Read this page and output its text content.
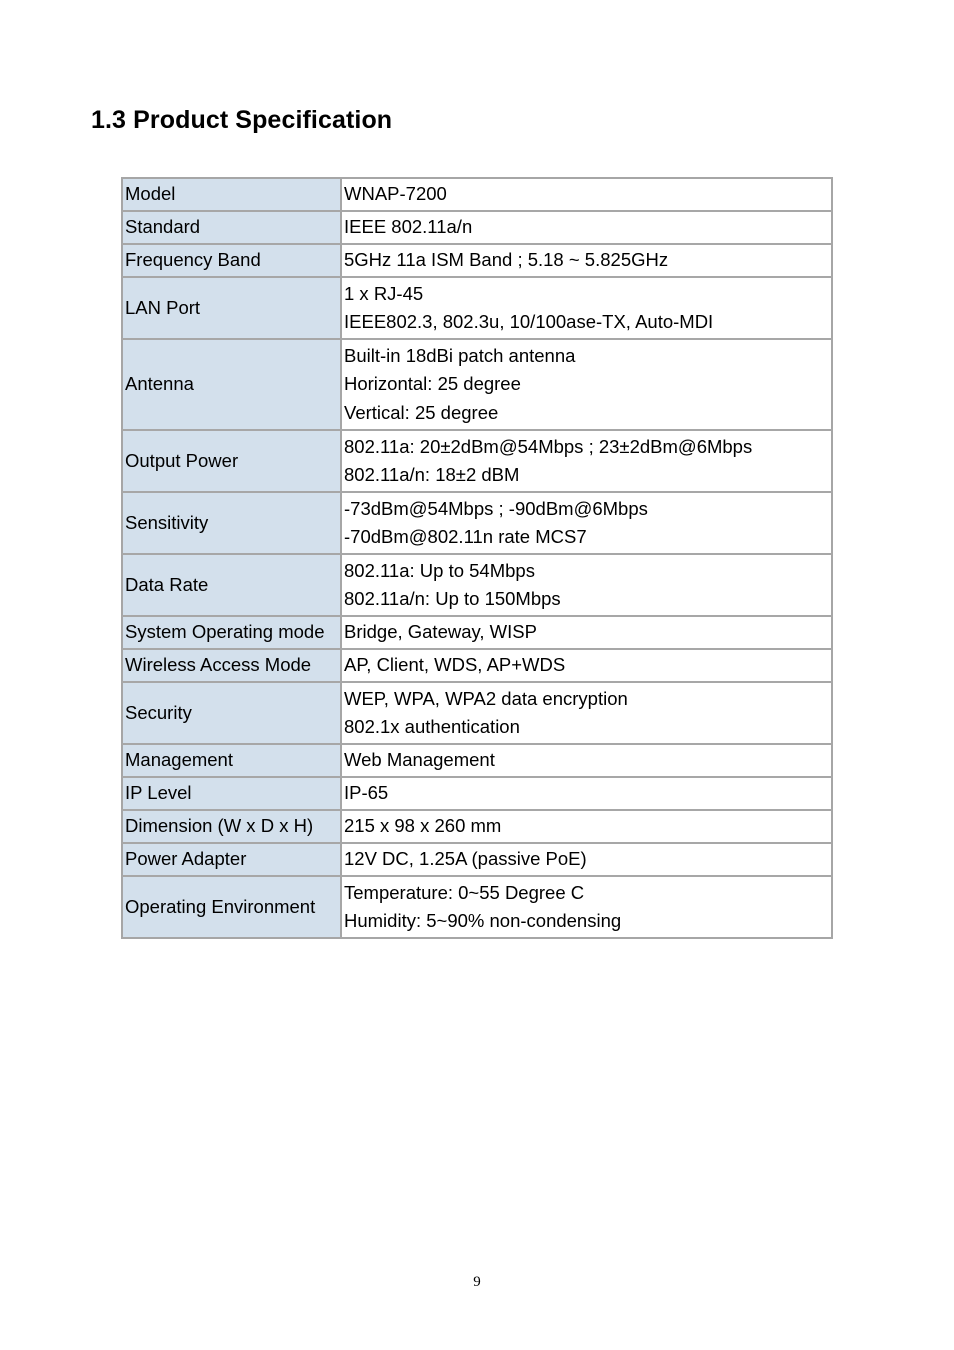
1.3 Product Specification
Model	WNAP-7200

Standard	IEEE 802.11a/n

Frequency Band	5GHz 11a ISM Band ; 5.18 ~ 5.825GHz

LAN Port	1 x RJ-45
IEEE802.3, 802.3u, 10/100ase-TX, Auto-MDI

Antenna	Built-in 18dBi patch antenna
Horizontal: 25 degree
Vertical: 25 degree

Output Power	802.11a: 20±2dBm@54Mbps ; 23±2dBm@6Mbps
802.11a/n: 18±2 dBM

Sensitivity	-73dBm@54Mbps ; -90dBm@6Mbps
-70dBm@802.11n rate MCS7

Data Rate	802.11a: Up to 54Mbps
802.11a/n: Up to 150Mbps

System Operating mode	Bridge, Gateway, WISP

Wireless Access Mode	AP, Client, WDS, AP+WDS

Security	WEP, WPA, WPA2 data encryption
802.1x authentication

Management	Web Management

IP Level	IP-65

Dimension (W x D x H)	215 x 98 x 260 mm

Power Adapter	12V DC, 1.25A (passive PoE)

Operating Environment	Temperature: 0~55 Degree C
Humidity: 5~90% non-condensing
9
